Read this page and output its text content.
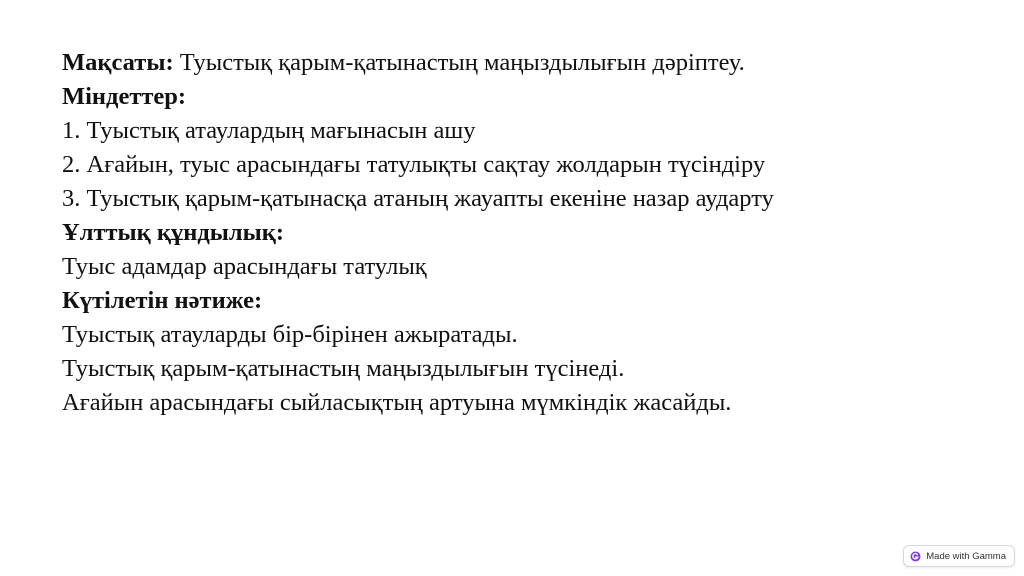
Мақсаты: Туыстық қарым-қатынастың маңыздылығын дәріптеу.

Міндеттер:

1. Туыстық атаулардың мағынасын ашу

2. Ағайын, туыс арасындағы татулықты сақтау жолдарын түсіндіру

3. Туыстық қарым-қатынасқа атаның жауапты екеніне назар аударту

Ұлттық құндылық:

Туыс адамдар арасындағы татулық

Күтілетін нәтиже:

Туыстық атауларды бір-бірінен ажыратады.

Туыстық қарым-қатынастың маңыздылығын түсінеді.

Ағайын арасындағы сыйласықтың артуына мүмкіндік жасайды.

Made with Gamma
